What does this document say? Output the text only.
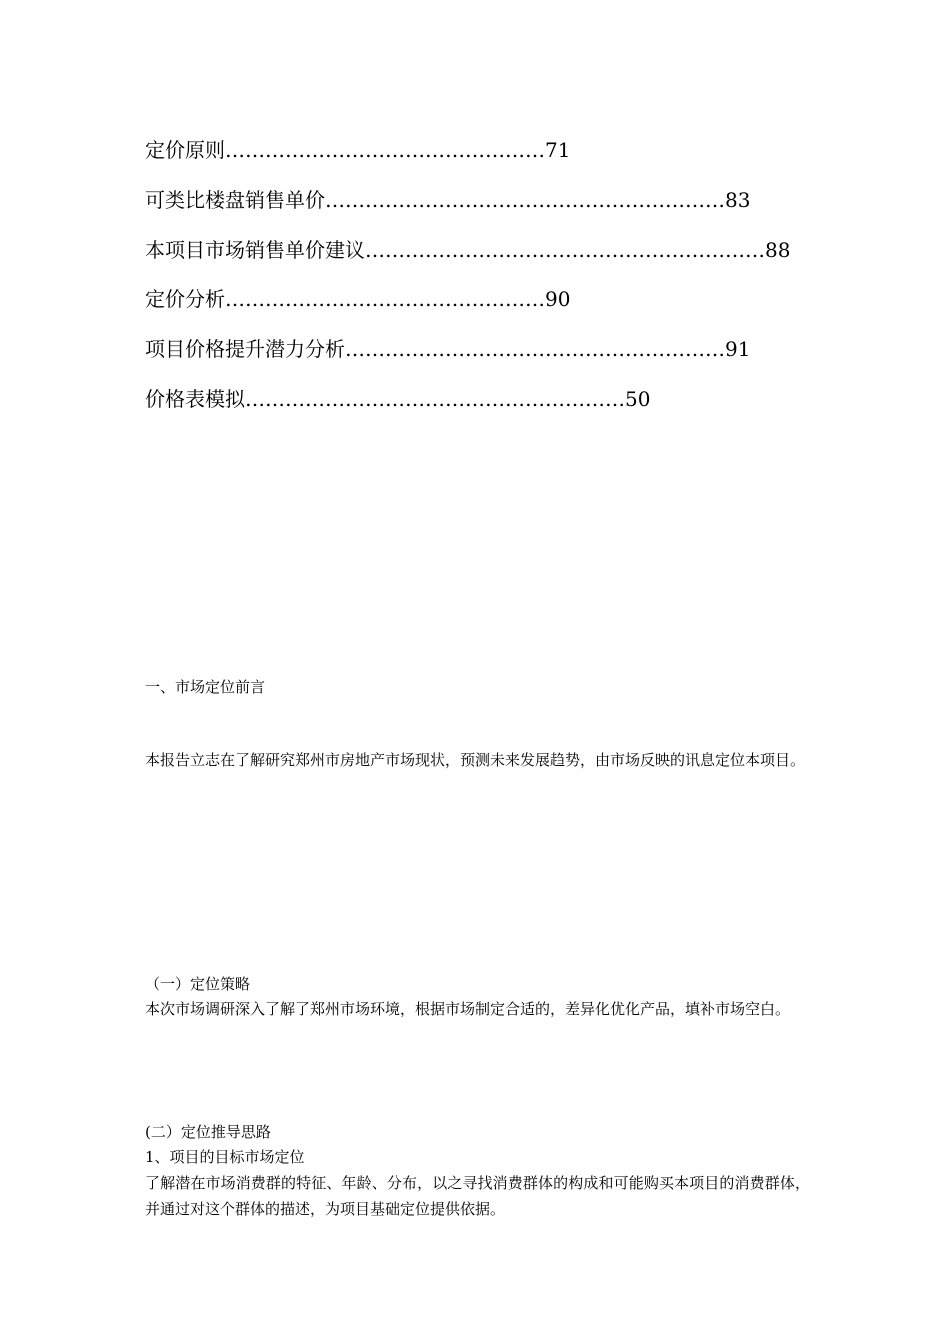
定价原则…………………………………………71
可类比楼盘销售单价……………………………………………………83
本项目市场销售单价建议……………………………………………………88
定价分析…………………………………………90
项目价格提升潜力分析…………………………………………………91
价格表模拟…………………………………………………50
一、市场定位前言
本报告立志在了解研究郑州市房地产市场现状，预测未来发展趋势，由市场反映的讯息定位本项目。
（一）定位策略
本次市场调研深入了解了郑州市场环境，根据市场制定合适的，差异化优化产品，填补市场空白。
(二）定位推导思路
1、项目的目标市场定位
了解潜在市场消费群的特征、年龄、分布，以之寻找消费群体的构成和可能购买本项目的消费群体，并通过对这个群体的描述，为项目基础定位提供依据。
